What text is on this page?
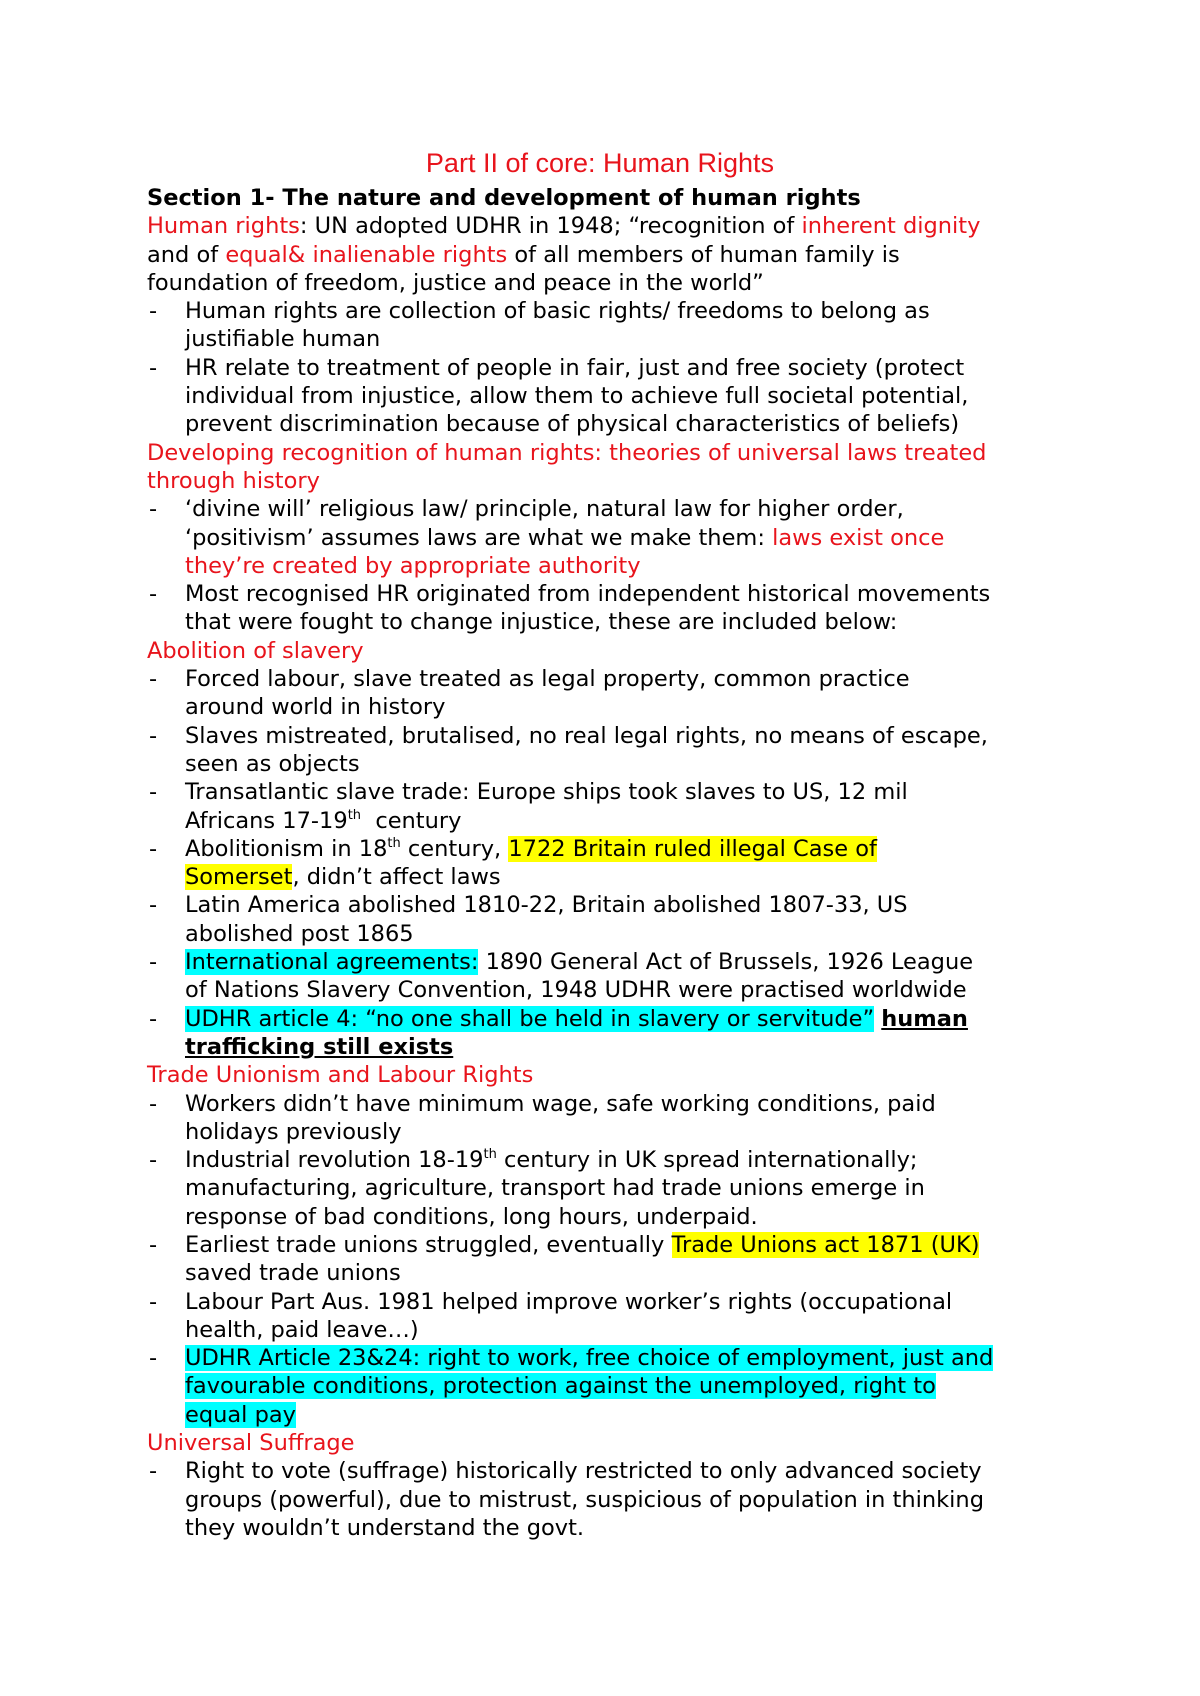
Part II of core: Human Rights
Section 1- The nature and development of human rights
Human rights: UN adopted UDHR in 1948; “recognition of inherent dignity
and of equal& inalienable rights of all members of human family is
foundation of freedom, justice and peace in the world”
- Human rights are collection of basic rights/ freedoms to belong as
justifiable human
- HR relate to treatment of people in fair, just and free society (protect
individual from injustice, allow them to achieve full societal potential,
prevent discrimination because of physical characteristics of beliefs)
Developing recognition of human rights: theories of universal laws treated
through history
- ‘divine will’ religious law/ principle, natural law for higher order,
‘positivism’ assumes laws are what we make them: laws exist once
they’re created by appropriate authority
- Most recognised HR originated from independent historical movements
that were fought to change injustice, these are included below:
Abolition of slavery
- Forced labour, slave treated as legal property, common practice
around world in history
- Slaves mistreated, brutalised, no real legal rights, no means of escape,
seen as objects
- Transatlantic slave trade: Europe ships took slaves to US, 12 mil
Africans 17-19th  century
- Abolitionism in 18th century, 1722 Britain ruled illegal Case of
Somerset, didn’t affect laws
- Latin America abolished 1810-22, Britain abolished 1807-33, US
abolished post 1865
- International agreements: 1890 General Act of Brussels, 1926 League
of Nations Slavery Convention, 1948 UDHR were practised worldwide
- UDHR article 4: “no one shall be held in slavery or servitude” human
trafficking still exists
Trade Unionism and Labour Rights
- Workers didn’t have minimum wage, safe working conditions, paid
holidays previously
- Industrial revolution 18-19th century in UK spread internationally;
manufacturing, agriculture, transport had trade unions emerge in
response of bad conditions, long hours, underpaid.
- Earliest trade unions struggled, eventually Trade Unions act 1871 (UK)
saved trade unions
- Labour Part Aus. 1981 helped improve worker’s rights (occupational
health, paid leave…)
- UDHR Article 23&24: right to work, free choice of employment, just and
favourable conditions, protection against the unemployed, right to
equal pay
Universal Suffrage
- Right to vote (suffrage) historically restricted to only advanced society
groups (powerful), due to mistrust, suspicious of population in thinking
they wouldn’t understand the govt.
